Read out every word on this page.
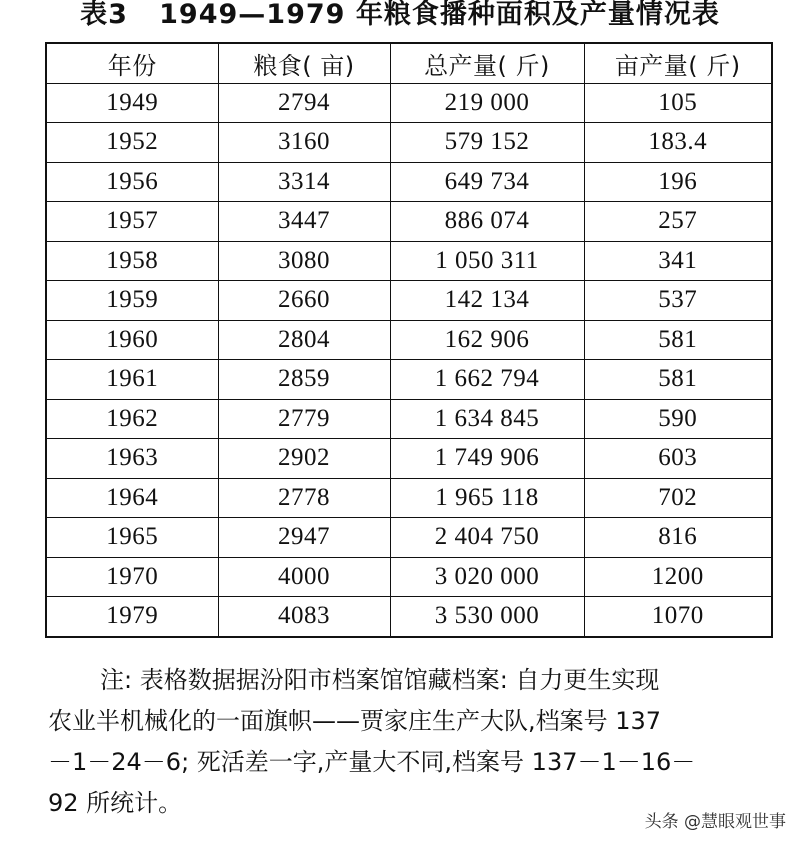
表3 1949—1979 年粮食播种面积及产量情况表
年份	粮食( 亩)	总产量( 斤)	亩产量( 斤)
1949	2794	219 000	105
1952	3160	579 152	183.4
1956	3314	649 734	196
1957	3447	886 074	257
1958	3080	1 050 311	341
1959	2660	142 134	537
1960	2804	162 906	581
1961	2859	1 662 794	581
1962	2779	1 634 845	590
1963	2902	1 749 906	603
1964	2778	1 965 118	702
1965	2947	2 404 750	816
1970	4000	3 020 000	1200
1979	4083	3 530 000	1070

注: 表格数据据汾阳市档案馆馆藏档案: 自力更生实现

农业半机械化的一面旗帜——贾家庄生产大队,档案号 137

－1－24－6; 死活差一字,产量大不同,档案号 137－1－16－

92 所统计。

头条 @慧眼观世事
